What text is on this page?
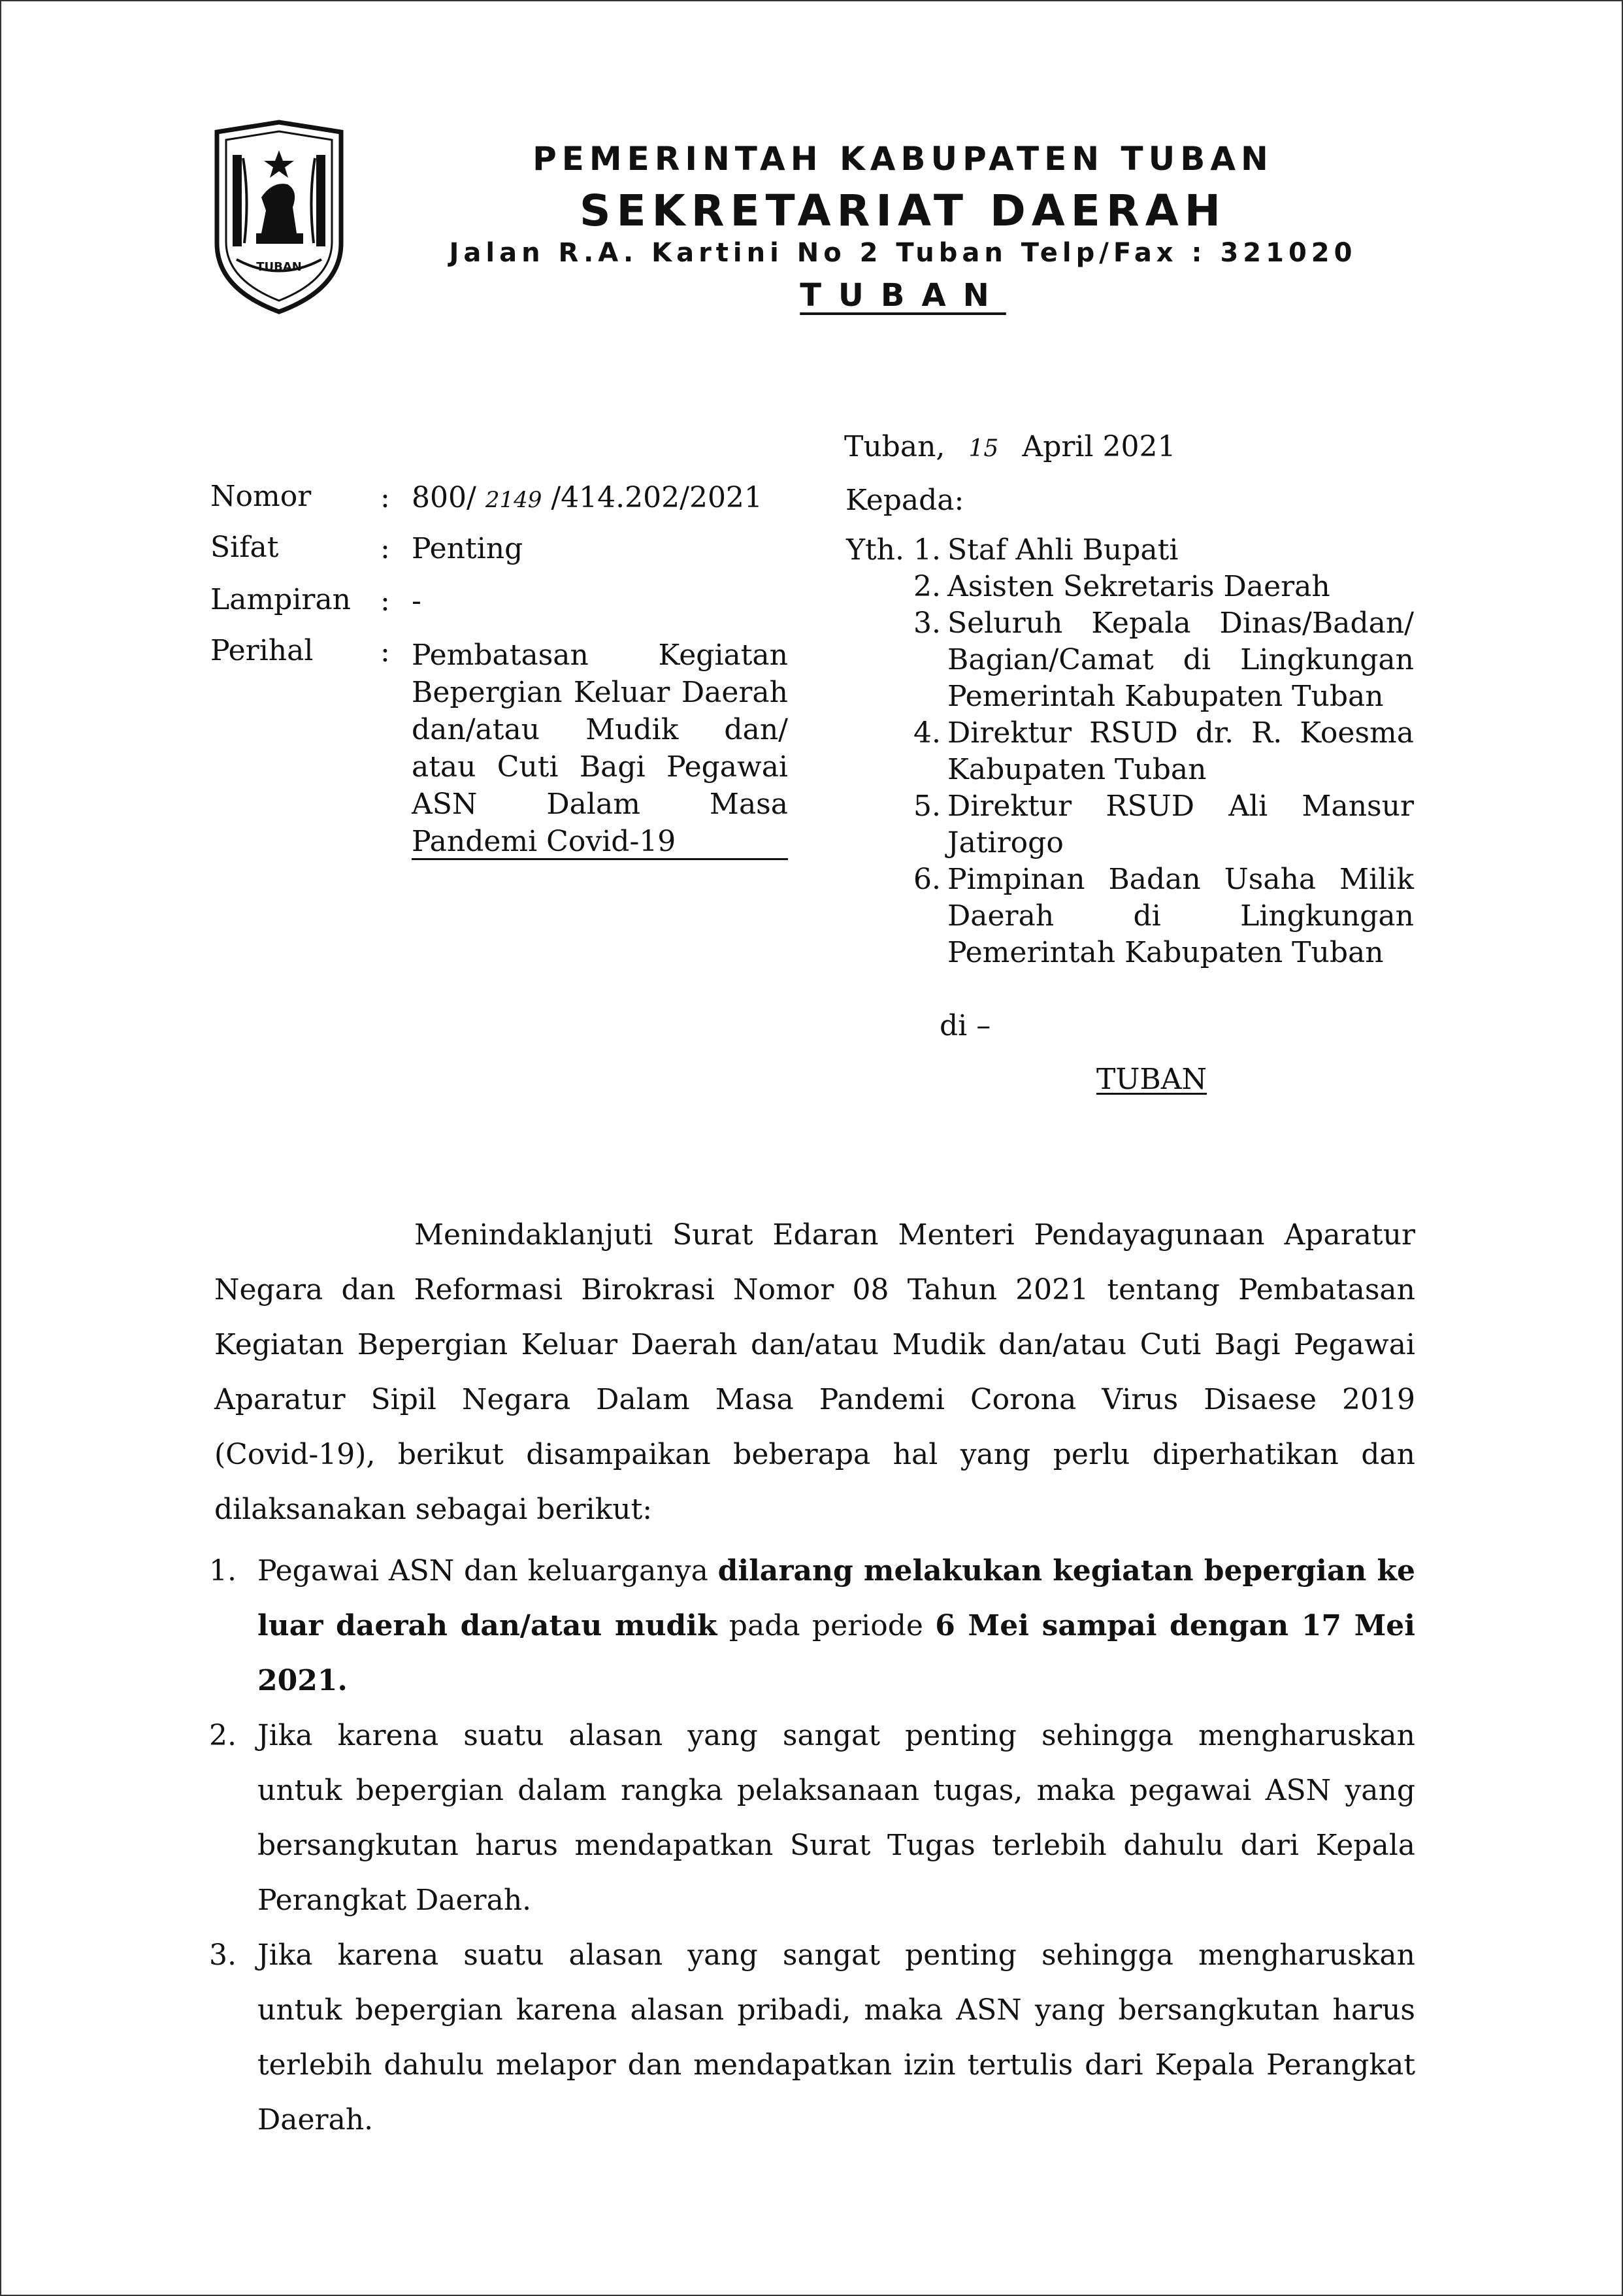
TUBAN
PEMERINTAH KABUPATEN TUBAN
SEKRETARIAT DAERAH
Jalan R.A. Kartini No 2 Tuban Telp/Fax : 321020
TUBAN
Tuban, 15 April 2021
Nomor : 800/ 2149 /414.202/2021
Sifat	: Penting
Lampiran : -
Perihal : Pembatasan Kegiatan
Bepergian Keluar Daerah
dan/atau Mudik dan/
atau Cuti Bagi Pegawai
ASN Dalam Masa
Pandemi Covid-19
Kepada:
Yth. 1. Staf Ahli Bupati
2. Asisten Sekretaris Daerah
3. Seluruh Kepala Dinas/Badan/
Bagian/Camat di Lingkungan
Pemerintah Kabupaten Tuban
4. Direktur RSUD dr. R. Koesma
Kabupaten Tuban
5. Direktur RSUD Ali Mansur
Jatirogo
6. Pimpinan Badan Usaha Milik
Daerah di Lingkungan
Pemerintah Kabupaten Tuban
di –
TUBAN
Menindaklanjuti Surat Edaran Menteri Pendayagunaan Aparatur
Negara dan Reformasi Birokrasi Nomor 08 Tahun 2021 tentang Pembatasan
Kegiatan Bepergian Keluar Daerah dan/atau Mudik dan/atau Cuti Bagi Pegawai
Aparatur Sipil Negara Dalam Masa Pandemi Corona Virus Disaese 2019
(Covid-19), berikut disampaikan beberapa hal yang perlu diperhatikan dan
dilaksanakan sebagai berikut:
1. Pegawai ASN dan keluarganya dilarang melakukan kegiatan bepergian ke
luar daerah dan/atau mudik pada periode 6 Mei sampai dengan 17 Mei
2021.
2. Jika karena suatu alasan yang sangat penting sehingga mengharuskan
untuk bepergian dalam rangka pelaksanaan tugas, maka pegawai ASN yang
bersangkutan harus mendapatkan Surat Tugas terlebih dahulu dari Kepala
Perangkat Daerah.
3. Jika karena suatu alasan yang sangat penting sehingga mengharuskan
untuk bepergian karena alasan pribadi, maka ASN yang bersangkutan harus
terlebih dahulu melapor dan mendapatkan izin tertulis dari Kepala Perangkat
Daerah.
